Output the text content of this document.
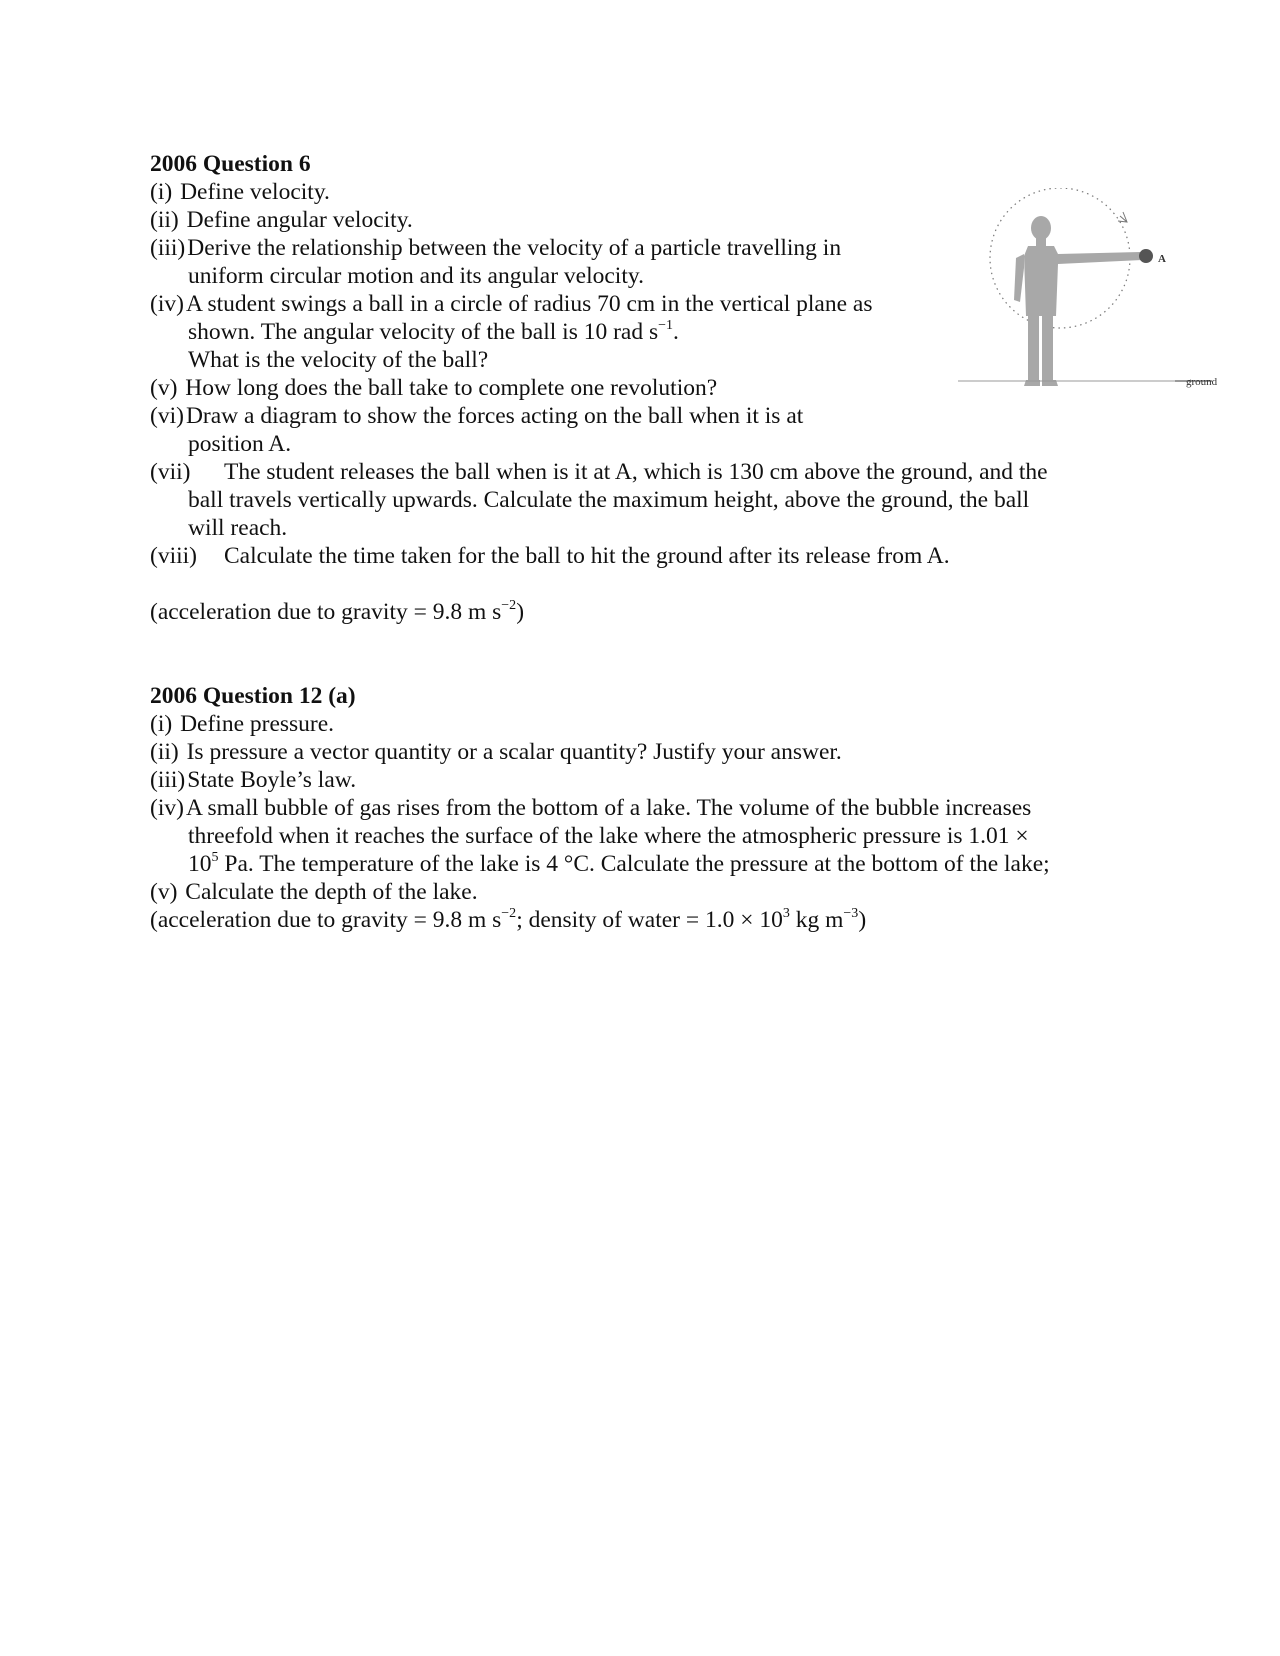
2006 Question 6
(i) Define velocity.
(ii) Define angular velocity.
(iii)Derive the relationship between the velocity of a particle travelling in
uniform circular motion and its angular velocity.
(iv)A student swings a ball in a circle of radius 70 cm in the vertical plane as
shown. The angular velocity of the ball is 10 rad $s^{-1}$.
What is the velocity of the ball?
(v) How long does the ball take to complete one revolution?
(vi)Draw a diagram to show the forces acting on the ball when it is at
position A.
(vii) The student releases the ball when is it at A, which is 130 cm above the ground, and the
ball travels vertically upwards. Calculate the maximum height, above the ground, the ball
will reach.
(viii) Calculate the time taken for the ball to hit the ground after its release from A.
(acceleration due to gravity = 9.8 m $s^{-2}$)
2006 Question 12 (a)
(i) Define pressure.
(ii) Is pressure a vector quantity or a scalar quantity? Justify your answer.
(iii)State Boyle’s law.
(iv)A small bubble of gas rises from the bottom of a lake. The volume of the bubble increases
threefold when it reaches the surface of the lake where the atmospheric pressure is 1.01 ×
$10^5$ Pa. The temperature of the lake is 4 °C. Calculate the pressure at the bottom of the lake;
(v) Calculate the depth of the lake.
(acceleration due to gravity = 9.8 m $s^{-2}$; density of water = $1.0 \times 10^3$ kg $m^{-3}$)
A
ground
